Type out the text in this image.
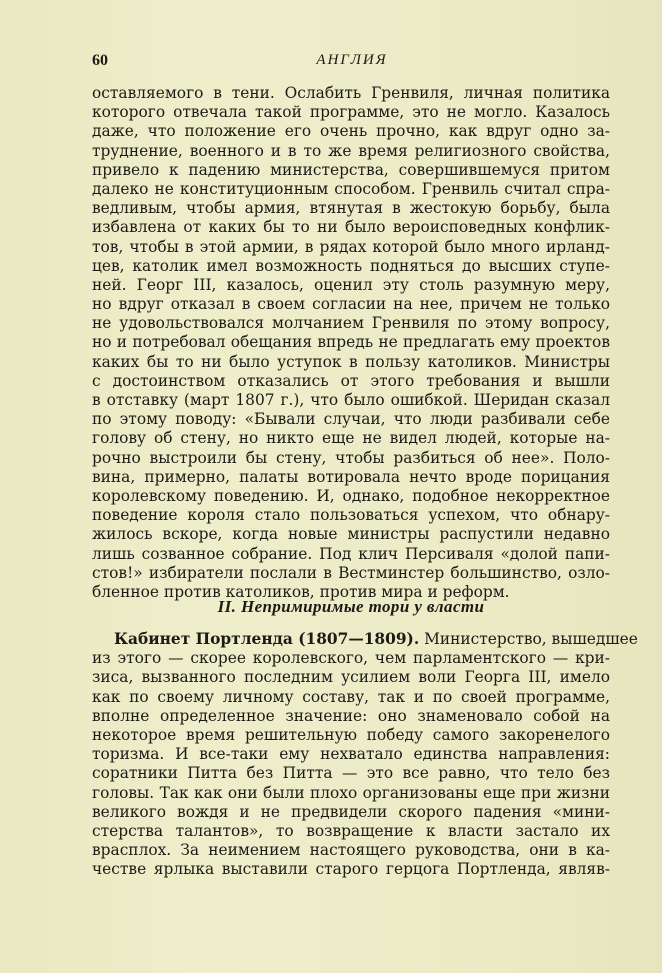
60	АНГЛИЯ
оставляемого в тени. Ослабить Гренвиля, личная политика
которого отвечала такой программе, это не могло. Казалось
даже, что положение его очень прочно, как вдруг одно за-
труднение, военного и в то же время религиозного свойства,
привело к падению министерства, совершившемуся притом
далеко не конституционным способом. Гренвиль считал спра-
ведливым, чтобы армия, втянутая в жестокую борьбу, была
избавлена от каких бы то ни было вероисповедных конфлик-
тов, чтобы в этой армии, в рядах которой было много ирланд-
цев, католик имел возможность подняться до высших ступе-
ней. Георг III, казалось, оценил эту столь разумную меру,
но вдруг отказал в своем согласии на нее, причем не только
не удовольствовался молчанием Гренвиля по этому вопросу,
но и потребовал обещания впредь не предлагать ему проектов
каких бы то ни было уступок в пользу католиков. Министры
с достоинством отказались от этого требования и вышли
в отставку (март 1807 г.), что было ошибкой. Шеридан сказал
по этому поводу: «Бывали случаи, что люди разбивали себе
голову об стену, но никто еще не видел людей, которые на-
рочно выстроили бы стену, чтобы разбиться об нее». Поло-
вина, примерно, палаты вотировала нечто вроде порицания
королевскому поведению. И, однако, подобное некорректное
поведение короля стало пользоваться успехом, что обнару-
жилось вскоре, когда новые министры распустили недавно
лишь созванное собрание. Под клич Персиваля «долой папи-
стов!» избиратели послали в Вестминстер большинство, озло-
бленное против католиков, против мира и реформ.
II. Непримиримые тори у власти
Кабинет Портленда (1807—1809). Министерство, вышедшее
из этого — скорее королевского, чем парламентского — кри-
зиса, вызванного последним усилием воли Георга III, имело
как по своему личному составу, так и по своей программе,
вполне определенное значение: оно знаменовало собой на
некоторое время решительную победу самого закоренелого
торизма. И все-таки ему нехватало единства направления:
соратники Питта без Питта — это все равно, что тело без
головы. Так как они были плохо организованы еще при жизни
великого вождя и не предвидели скорого падения «мини-
стерства талантов», то возвращение к власти застало их
врасплох. За неимением настоящего руководства, они в ка-
честве ярлыка выставили старого герцога Портленда, являв-
